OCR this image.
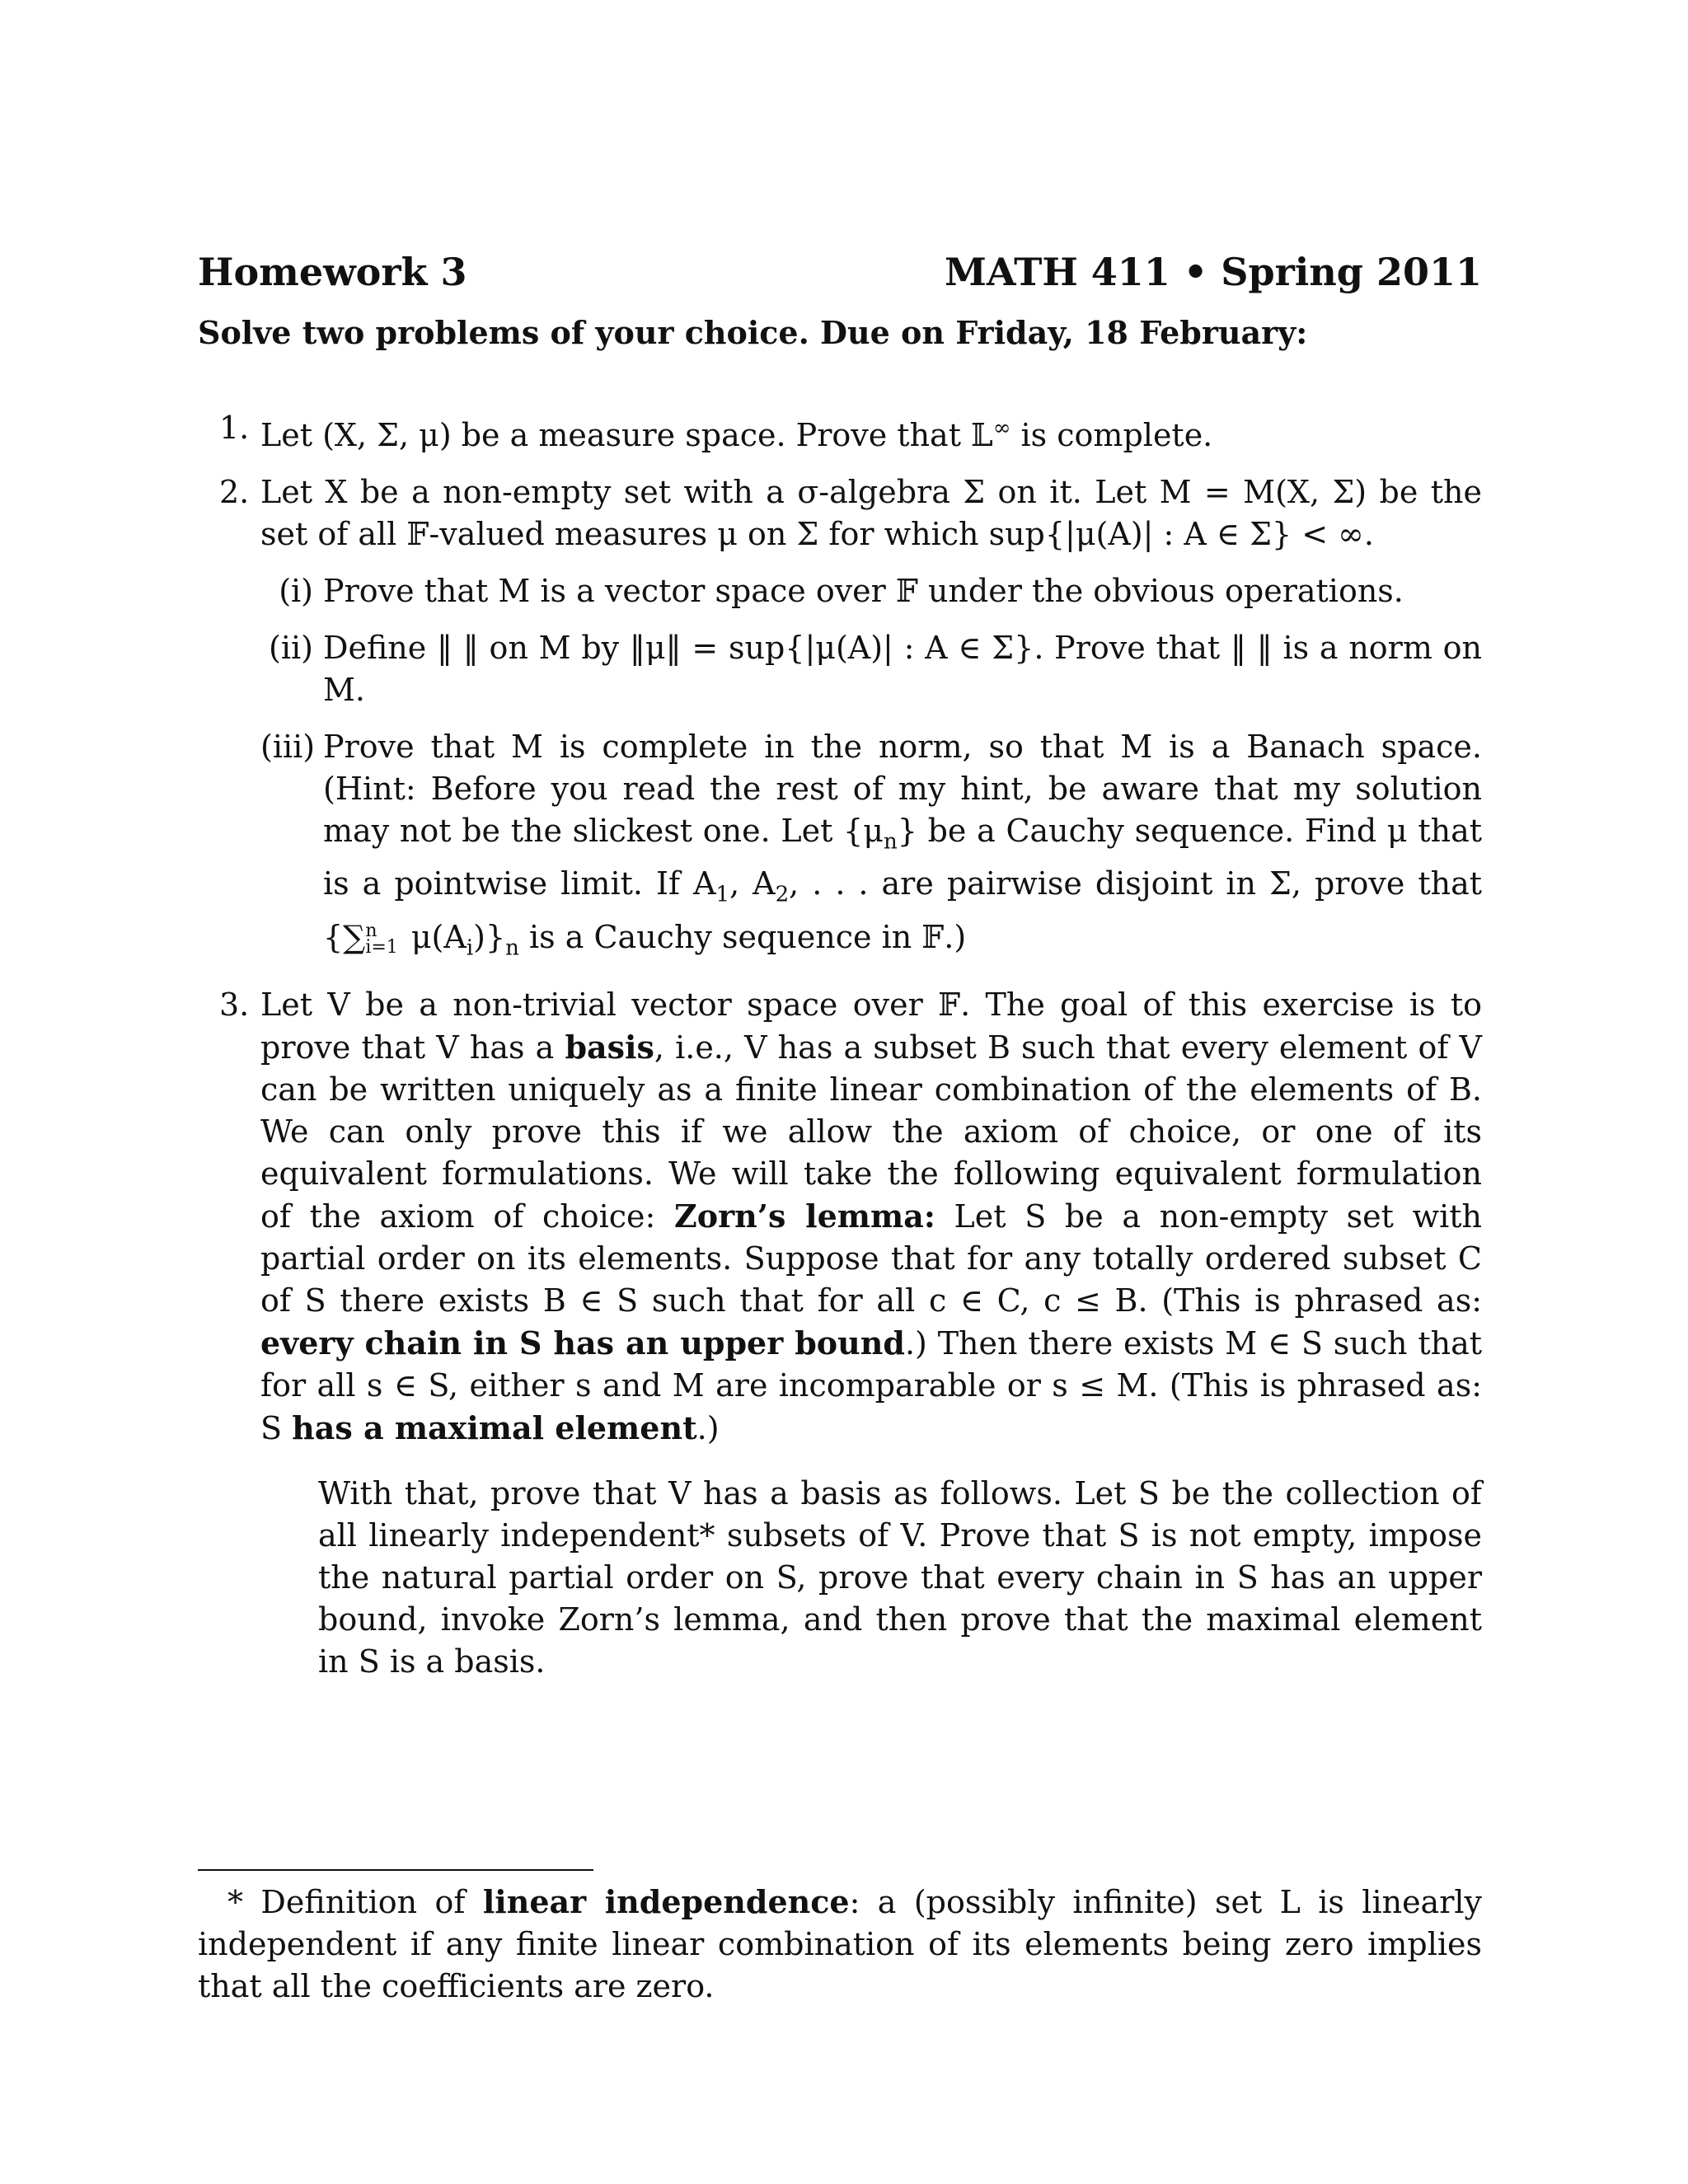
Homework 3	MATH 411 • Spring 2011
Solve two problems of your choice. Due on Friday, 18 February:
1. Let (X, Σ, μ) be a measure space. Prove that 𝕃∞ is complete.
2. Let X be a non-empty set with a σ-algebra Σ on it. Let M = M(X, Σ) be the set of all 𝔽-valued measures μ on Σ for which sup{|μ(A)| : A ∈ Σ} < ∞.
(i) Prove that M is a vector space over 𝔽 under the obvious operations.
(ii) Define ‖ ‖ on M by ‖μ‖ = sup{|μ(A)| : A ∈ Σ}. Prove that ‖ ‖ is a norm on M.
(iii) Prove that M is complete in the norm, so that M is a Banach space. (Hint: Before you read the rest of my hint, be aware that my solution may not be the slickest one. Let $\{\mu_n\}$ be a Cauchy sequence. Find μ that is a pointwise limit. If $A_1$, $A_2$, . . . are pairwise disjoint in Σ, prove that {∑ n
i=1 $\mu(A_i)\}_n$ is a Cauchy sequence in 𝔽.)
3. Let V be a non-trivial vector space over 𝔽. The goal of this exercise is to prove that V has a basis, i.e., V has a subset B such that every element of V can be written uniquely as a finite linear combination of the elements of B. We can only prove this if we allow the axiom of choice, or one of its equivalent formulations. We will take the following equivalent formulation of the axiom of choice: Zorn’s lemma: Let S be a non-empty set with partial order on its elements. Suppose that for any totally ordered subset C of S there exists B ∈ S such that for all c ∈ C, c ≤ B. (This is phrased as: every chain in S has an upper bound.) Then there exists M ∈ S such that for all s ∈ S, either s and M are incomparable or s ≤ M. (This is phrased as: S has a maximal element.)
With that, prove that V has a basis as follows. Let S be the collection of all linearly independent* subsets of V. Prove that S is not empty, impose the natural partial order on S, prove that every chain in S has an upper bound, invoke Zorn’s lemma, and then prove that the maximal element in S is a basis.
* Definition of linear independence: a (possibly infinite) set L is linearly independent if any finite linear combination of its elements being zero implies that all the coefficients are zero.
